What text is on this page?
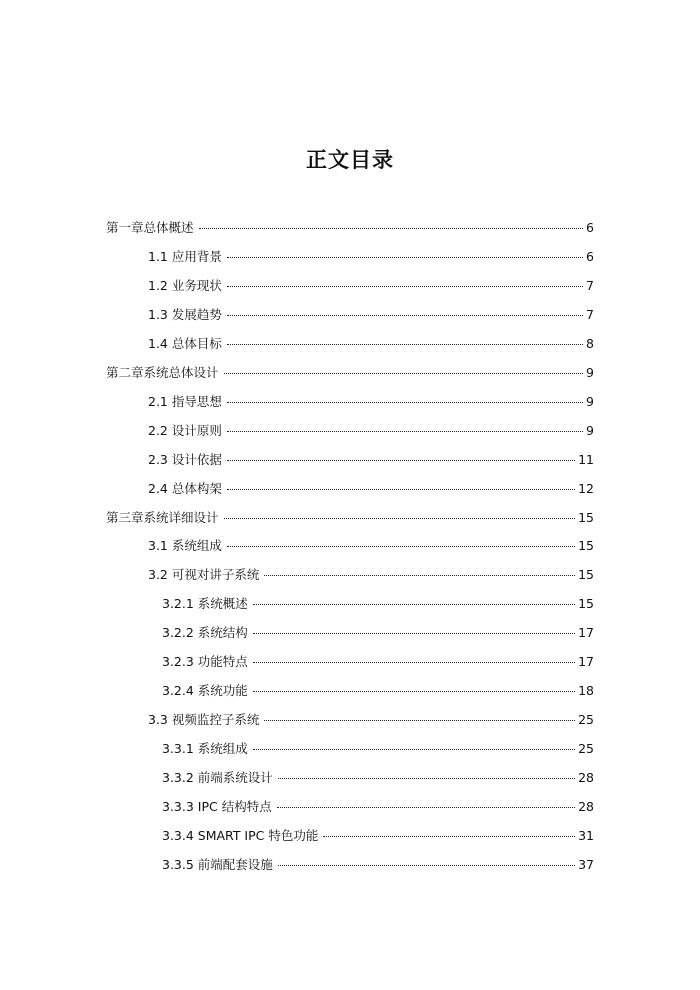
正文目录
第一章总体概述	6
1.1 应用背景	6
1.2 业务现状	7
1.3 发展趋势	7
1.4 总体目标	8
第二章系统总体设计	9
2.1 指导思想	9
2.2 设计原则	9
2.3 设计依据	11
2.4 总体构架	12
第三章系统详细设计	15
3.1 系统组成	15
3.2 可视对讲子系统	15
3.2.1 系统概述	15
3.2.2 系统结构	17
3.2.3 功能特点	17
3.2.4 系统功能	18
3.3 视频监控子系统	25
3.3.1 系统组成	25
3.3.2 前端系统设计	28
3.3.3 IPC 结构特点	28
3.3.4 SMART IPC 特色功能	31
3.3.5 前端配套设施	37
